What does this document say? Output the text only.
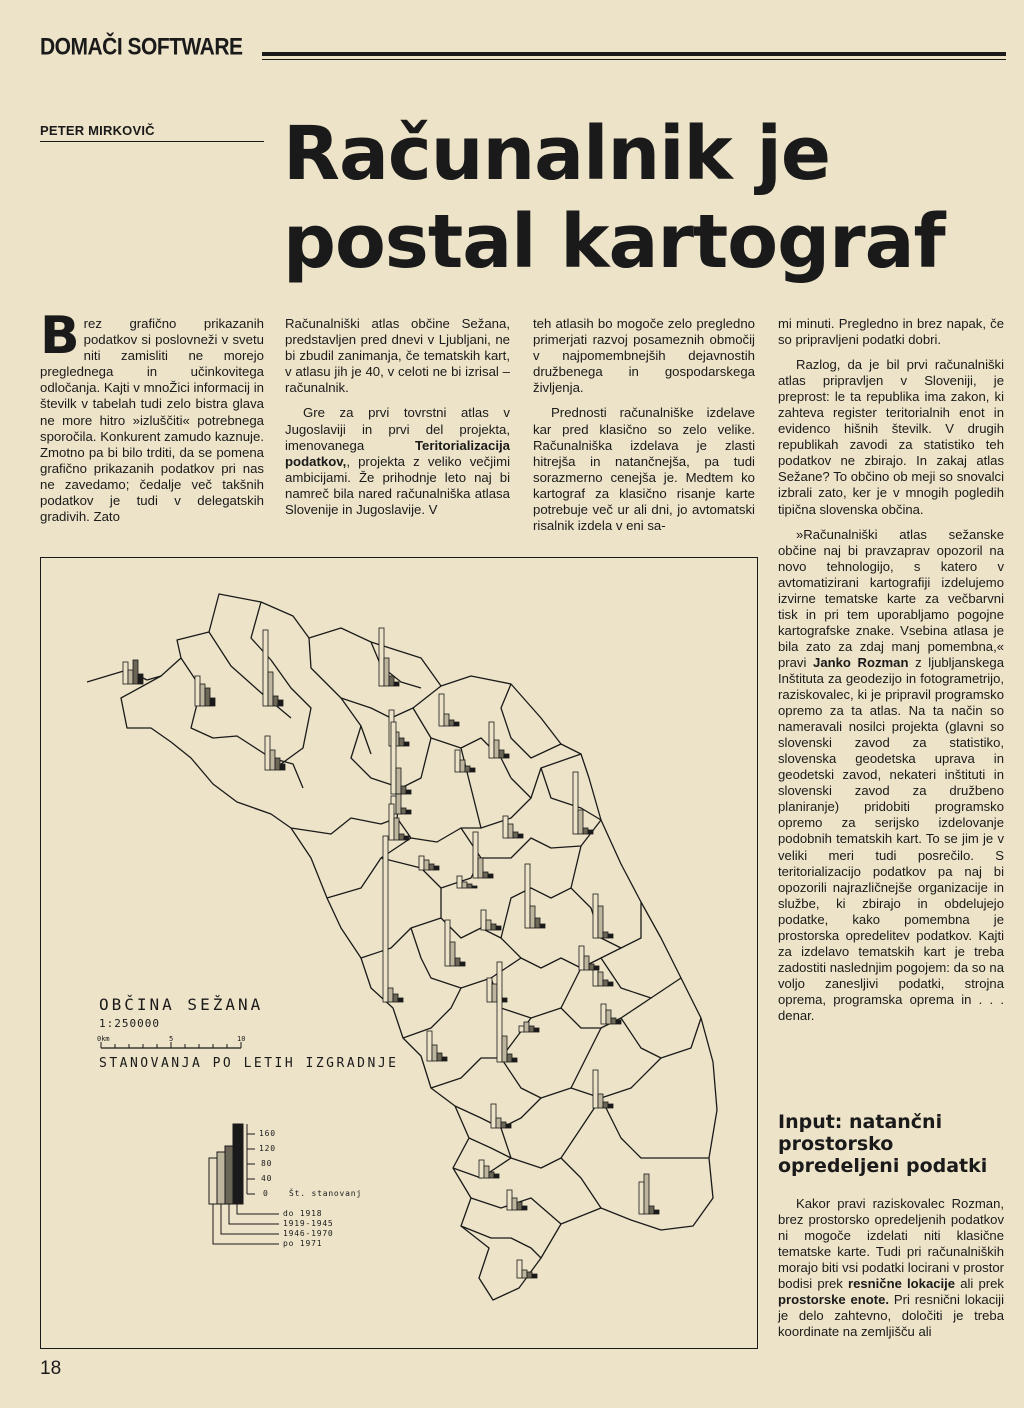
DOMAČI SOFTWARE
PETER MIRKOVIČ Računalnik je
postal kartograf

Brez grafično prikazanih podatkov si poslovneži v svetu niti zamisliti ne morejo preglednega in učinkovitega odločanja. Kajti v mnoŽici informacij in številk v tabelah tudi zelo bistra glava ne more hitro »izluščiti« potrebnega sporočila. Konkurent zamudo kaznuje. Zmotno pa bi bilo trditi, da se pomena grafično prikazanih podatkov pri nas ne zavedamo; čedalje več takšnih podatkov je tudi v delegatskih gradivih. Zato

Računalniški atlas občine Sežana, predstavljen pred dnevi v Ljubljani, ne bi zbudil zanimanja, če tematskih kart, v atlasu jih je 40, v celoti ne bi izrisal – računalnik.

Gre za prvi tovrstni atlas v Jugoslaviji in prvi del projekta, imenovanega Teritorializacija podatkov,, projekta z veliko večjimi ambicijami. Že prihodnje leto naj bi namreč bila nared računalniška atlasa Slovenije in Jugoslavije. V

teh atlasih bo mogoče zelo pregledno primerjati razvoj posameznih območij v najpomembnejših dejavnostih družbenega in gospodarskega življenja.

Prednosti računalniške izdelave kar pred klasično so zelo velike. Računalniška izdelava je zlasti hitrejša in natančnejša, pa tudi sorazmerno cenejša je. Medtem ko kartograf za klasično risanje karte potrebuje več ur ali dni, jo avtomatski risalnik izdela v eni sa-

mi minuti. Pregledno in brez napak, če so pripravljeni podatki dobri.

Razlog, da je bil prvi računalniški atlas pripravljen v Sloveniji, je preprost: le ta republika ima zakon, ki zahteva register teritorialnih enot in evidenco hišnih številk. V drugih republikah zavodi za statistiko teh podatkov ne zbirajo. In zakaj atlas Sežane? To občino ob meji so snovalci izbrali zato, ker je v mnogih pogledih tipična slovenska občina.

»Računalniški atlas sežanske občine naj bi pravzaprav opozoril na novo tehnologijo, s katero v avtomatizirani kartografiji izdelujemo izvirne tematske karte za večbarvni tisk in pri tem uporabljamo pogojne kartografske znake. Vsebina atlasa je bila zato za zdaj manj pomembna,« pravi Janko Rozman z ljubljanskega Inštituta za geodezijo in fotogrametrijo, raziskovalec, ki je pripravil programsko opremo za ta atlas. Na ta način so nameravali nosilci projekta (glavni so slovenski zavod za statistiko, slovenska geodetska uprava in geodetski zavod, nekateri inštituti in slovenski zavod za družbeno planiranje) pridobiti programsko opremo za serijsko izdelovanje podobnih tematskih kart. To se jim je v veliki meri tudi posrečilo. S teritorializacijo podatkov pa naj bi opozorili najrazličnejše organizacije in službe, ki zbirajo in obdelujejo podatke, kako pomembna je prostorska opredelitev podatkov. Kajti za izdelavo tematskih kart je treba zadostiti naslednjim pogojem: da so na voljo zanesljivi podatki, strojna oprema, programska oprema in . . . denar.

Input: natančni prostorsko opredeljeni podatki

Kakor pravi raziskovalec Rozman, brez prostorsko opredeljenih podatkov ni mogoče izdelati niti klasične tematske karte. Tudi pri računalniških morajo biti vsi podatki locirani v prostor bodisi prek resnične lokacije ali prek prostorske enote. Pri resnični lokaciji je delo zahtevno, določiti je treba koordinate na zemljišču ali

OBČINA SEŽANA
1:250000
0km	5	10
STANOVANJA PO LETIH IZGRADNJE
160
120
80
40
0	Št. stanovanj
do 1918
1919-1945
1946-1970
po 1971
18
